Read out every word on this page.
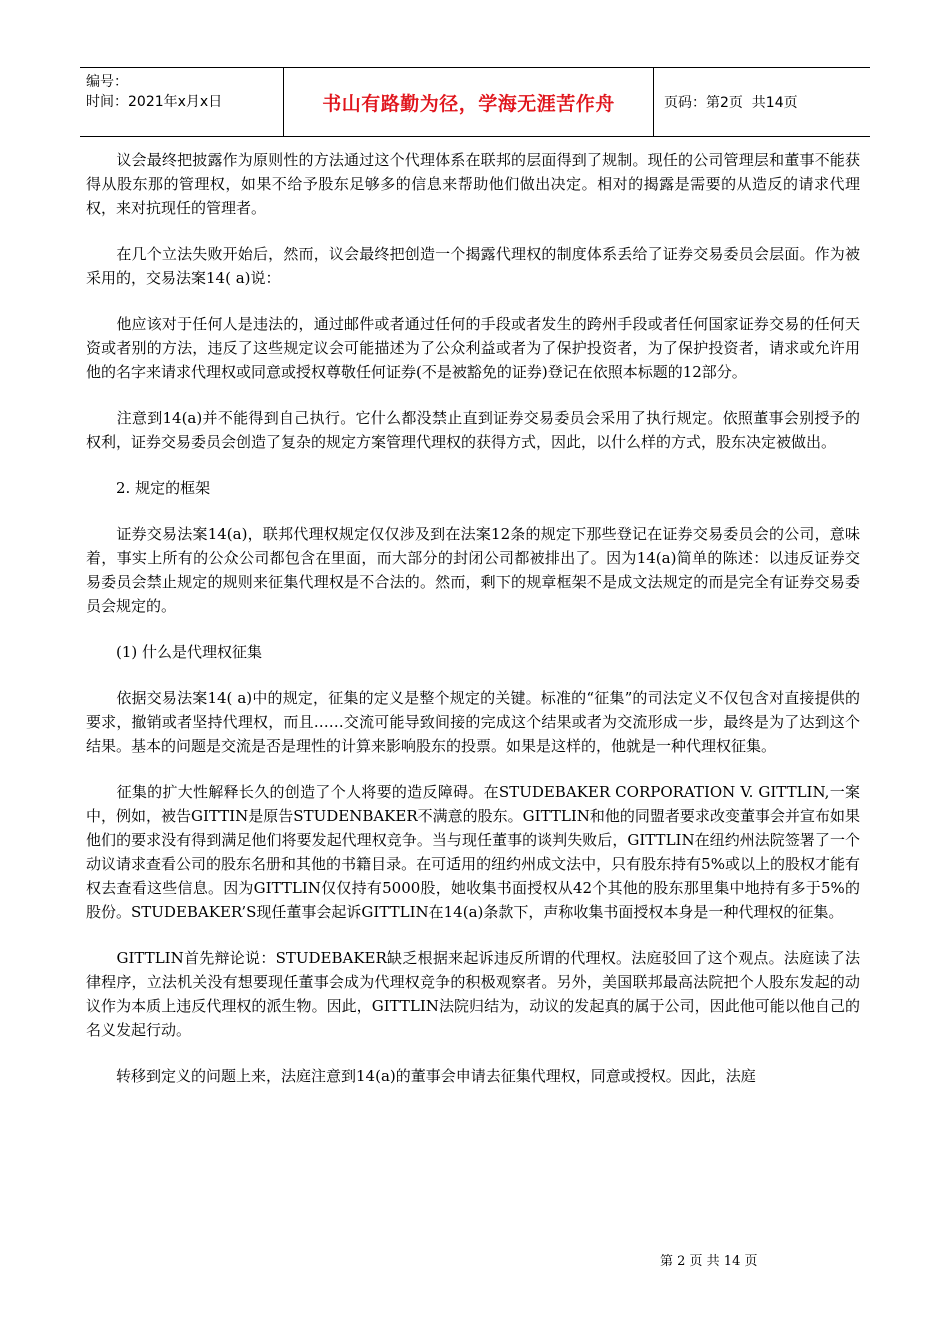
编号：
时间：2021年x月x日	书山有路勤为径，学海无涯苦作舟	页码：第2页  共14页

　　议会最终把披露作为原则性的方法通过这个代理体系在联邦的层面得到了规制。现任的公司管理层和董事不能获得从股东那的管理权，如果不给予股东足够多的信息来帮助他们做出决定。相对的揭露是需要的从造反的请求代理权，来对抗现任的管理者。

　　在几个立法失败开始后，然而，议会最终把创造一个揭露代理权的制度体系丢给了证券交易委员会层面。作为被采用的，交易法案14( a)说：

　　他应该对于任何人是违法的，通过邮件或者通过任何的手段或者发生的跨州手段或者任何国家证券交易的任何天资或者别的方法，违反了这些规定议会可能描述为了公众利益或者为了保护投资者，为了保护投资者，请求或允许用他的名字来请求代理权或同意或授权尊敬任何证券(不是被豁免的证券)登记在依照本标题的12部分。

　　注意到14(a)并不能得到自己执行。它什么都没禁止直到证券交易委员会采用了执行规定。依照董事会别授予的权利，证券交易委员会创造了复杂的规定方案管理代理权的获得方式，因此，以什么样的方式，股东决定被做出。

　　2. 规定的框架

　　证券交易法案14(a)，联邦代理权规定仅仅涉及到在法案12条的规定下那些登记在证券交易委员会的公司，意味着，事实上所有的公众公司都包含在里面，而大部分的封闭公司都被排出了。因为14(a)简单的陈述：以违反证券交易委员会禁止规定的规则来征集代理权是不合法的。然而，剩下的规章框架不是成文法规定的而是完全有证券交易委员会规定的。

　　(1) 什么是代理权征集

　　依据交易法案14( a)中的规定，征集的定义是整个规定的关键。标准的“征集”的司法定义不仅包含对直接提供的要求，撤销或者坚持代理权，而且……交流可能导致间接的完成这个结果或者为交流形成一步，最终是为了达到这个结果。基本的问题是交流是否是理性的计算来影响股东的投票。如果是这样的，他就是一种代理权征集。

　　征集的扩大性解释长久的创造了个人将要的造反障碍。在STUDEBAKER CORPORATION V. GITTLIN,一案中，例如，被告GITTIN是原告STUDENBAKER不满意的股东。GITTLIN和他的同盟者要求改变董事会并宣布如果他们的要求没有得到满足他们将要发起代理权竞争。当与现任董事的谈判失败后，GITTLIN在纽约州法院签署了一个动议请求查看公司的股东名册和其他的书籍目录。在可适用的纽约州成文法中，只有股东持有5%或以上的股权才能有权去查看这些信息。因为GITTLIN仅仅持有5000股，她收集书面授权从42个其他的股东那里集中地持有多于5%的股份。STUDEBAKER’S现任董事会起诉GITTLIN在14(a)条款下，声称收集书面授权本身是一种代理权的征集。

　　GITTLIN首先辩论说：STUDEBAKER缺乏根据来起诉违反所谓的代理权。法庭驳回了这个观点。法庭读了法律程序，立法机关没有想要现任董事会成为代理权竞争的积极观察者。另外，美国联邦最高法院把个人股东发起的动议作为本质上违反代理权的派生物。因此，GITTLIN法院归结为，动议的发起真的属于公司，因此他可能以他自己的名义发起行动。

　　转移到定义的问题上来，法庭注意到14(a)的董事会申请去征集代理权，同意或授权。因此，法庭

第 2 页 共 14 页
